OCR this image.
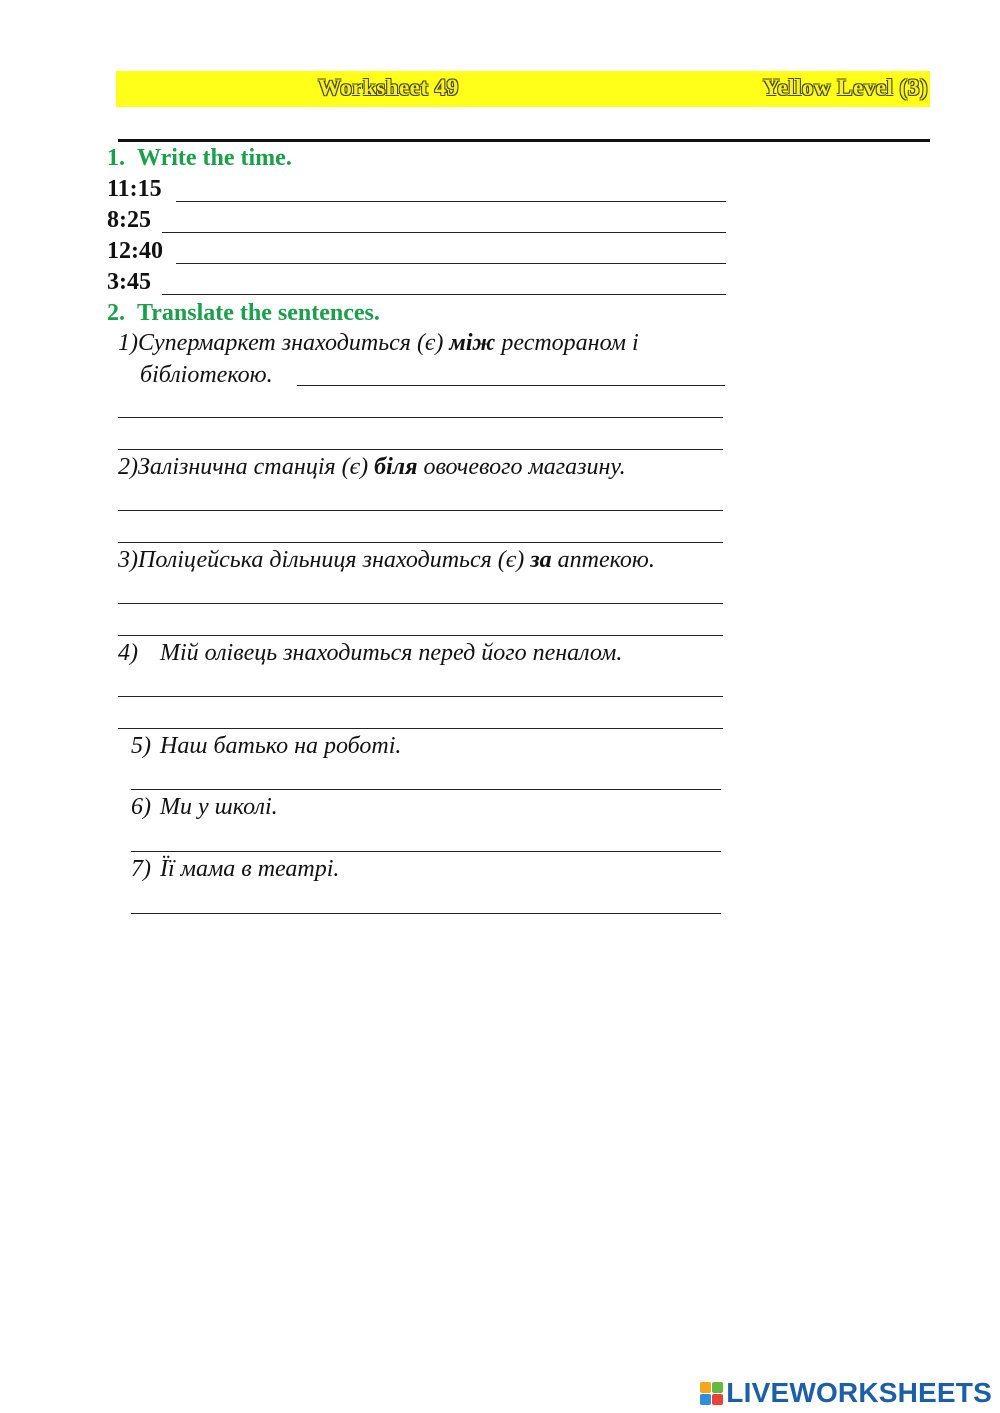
Worksheet 49	Yellow Level (3)
1. Write the time.
11:15
8:25
12:40
3:45
2. Translate the sentences.
1)Супермаркет знаходиться (є) між рестораном і
бібліотекою.
2)Залізнична станція (є) біля овочевого магазину.
3)Поліцейська дільниця знаходиться (є) за аптекою.
4) Мій олівець знаходиться перед його пеналом.
5) Наш батько на роботі.
6) Ми у школі.
7) Її мама в театрі.
LIVEWORKSHEETS
